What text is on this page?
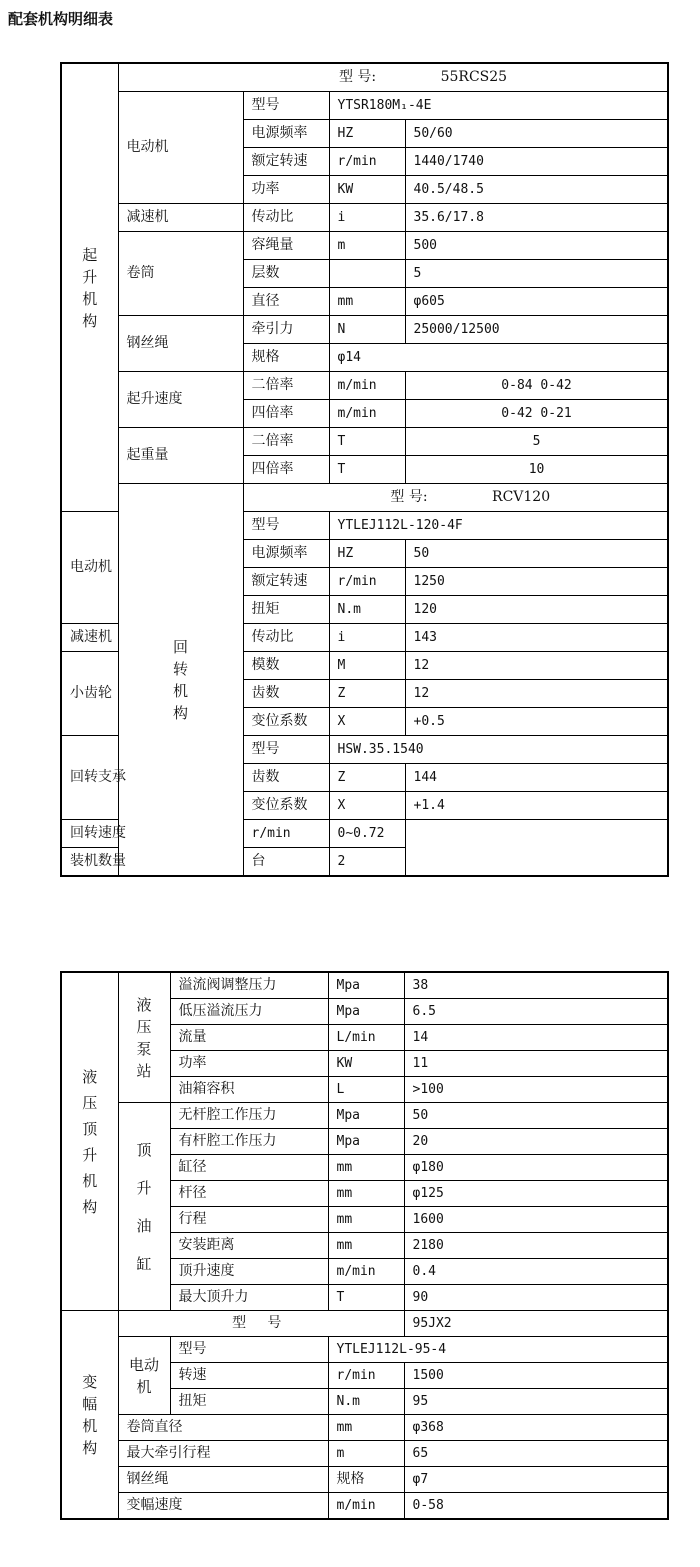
配套机构明细表
起升机构	型 号: 55RCS25			
	电动机	型号	YTSR180M₁-4E	
		电源频率	HZ	50/60
		额定转速	r/min	1440/1740
		功率	KW	40.5/48.5
	减速机	传动比	i	35.6/17.8
	卷筒	容绳量	m	500
		层数		5
		直径	mm	φ605
	钢丝绳	牵引力	N	25000/12500
		规格	φ14	
	起升速度	二倍率	m/min	0-84 0-42
		四倍率	m/min	0-42 0-21
	起重量	二倍率	T	5
		四倍率	T	10
	回转机构	型 号: RCV120		
电动机		型号	YTLEJ112L-120-4F	
		电源频率	HZ	50
		额定转速	r/min	1250
		扭矩	N.m	120
减速机		传动比	i	143
小齿轮		模数	M	12
		齿数	Z	12
		变位系数	X	+0.5
回转支承		型号	HSW.35.1540	
		齿数	Z	144
		变位系数	X	+1.4
回转速度		r/min	0~0.72	
装机数量		台	2	
液压顶升机构	液压泵站	溢流阀调整压力	Mpa	38
		低压溢流压力	Mpa	6.5
		流量	L/min	14
		功率	KW	11
		油箱容积	L	>100
	顶升油缸	无杆腔工作压力	Mpa	50
		有杆腔工作压力	Mpa	20
		缸径	mm	φ180
		杆径	mm	φ125
		行程	mm	1600
		安装距离	mm	2180
		顶升速度	m/min	0.4
		最大顶升力	T	90
变幅机构	型 号			95JX2
	电动机	型号	YTLEJ112L-95-4	
		转速	r/min	1500
		扭矩	N.m	95
	卷筒直径		mm	φ368
	最大牵引行程		m	65
	钢丝绳		规格	φ7
	变幅速度		m/min	0-58
